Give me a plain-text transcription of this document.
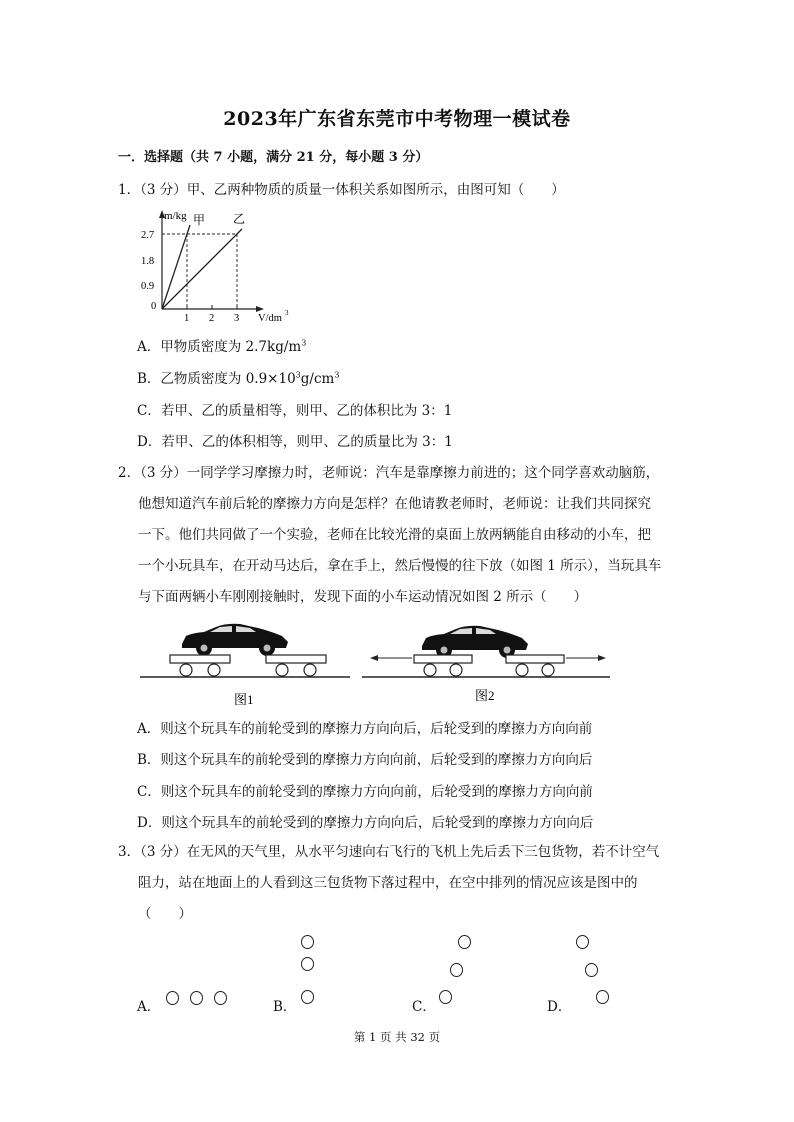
2023年广东省东莞市中考物理一模试卷
一．选择题（共 7 小题，满分 21 分，每小题 3 分）
1．（3 分）甲、乙两种物质的质量一体积关系如图所示，由图可知（　　）
m/kg 甲 乙
2.7
1.8
0.9
0
1 2 3 V/dm 3
A．甲物质密度为 $2.7kg/m^3$
B．乙物质密度为 $0.9\times 10^3g/cm^3$
C．若甲、乙的质量相等，则甲、乙的体积比为 3：1
D．若甲、乙的体积相等，则甲、乙的质量比为 3：1
2．（3 分）一同学学习摩擦力时，老师说：汽车是靠摩擦力前进的；这个同学喜欢动脑筋，
他想知道汽车前后轮的摩擦力方向是怎样？在他请教老师时，老师说：让我们共同探究
一下。他们共同做了一个实验，老师在比较光滑的桌面上放两辆能自由移动的小车，把
一个小玩具车，在开动马达后，拿在手上，然后慢慢的往下放（如图 1 所示），当玩具车
与下面两辆小车刚刚接触时，发现下面的小车运动情况如图 2 所示（　　）
图1	图2
A．则这个玩具车的前轮受到的摩擦力方向向后，后轮受到的摩擦力方向向前
B．则这个玩具车的前轮受到的摩擦力方向向前，后轮受到的摩擦力方向向后
C．则这个玩具车的前轮受到的摩擦力方向向前，后轮受到的摩擦力方向向前
D．则这个玩具车的前轮受到的摩擦力方向向后，后轮受到的摩擦力方向向后
3．（3 分）在无风的天气里，从水平匀速向右飞行的飞机上先后丢下三包货物，若不计空气
阻力，站在地面上的人看到这三包货物下落过程中，在空中排列的情况应该是图中的
（　　）
A．	B．	C．	D．
第 1 页 共 32 页
